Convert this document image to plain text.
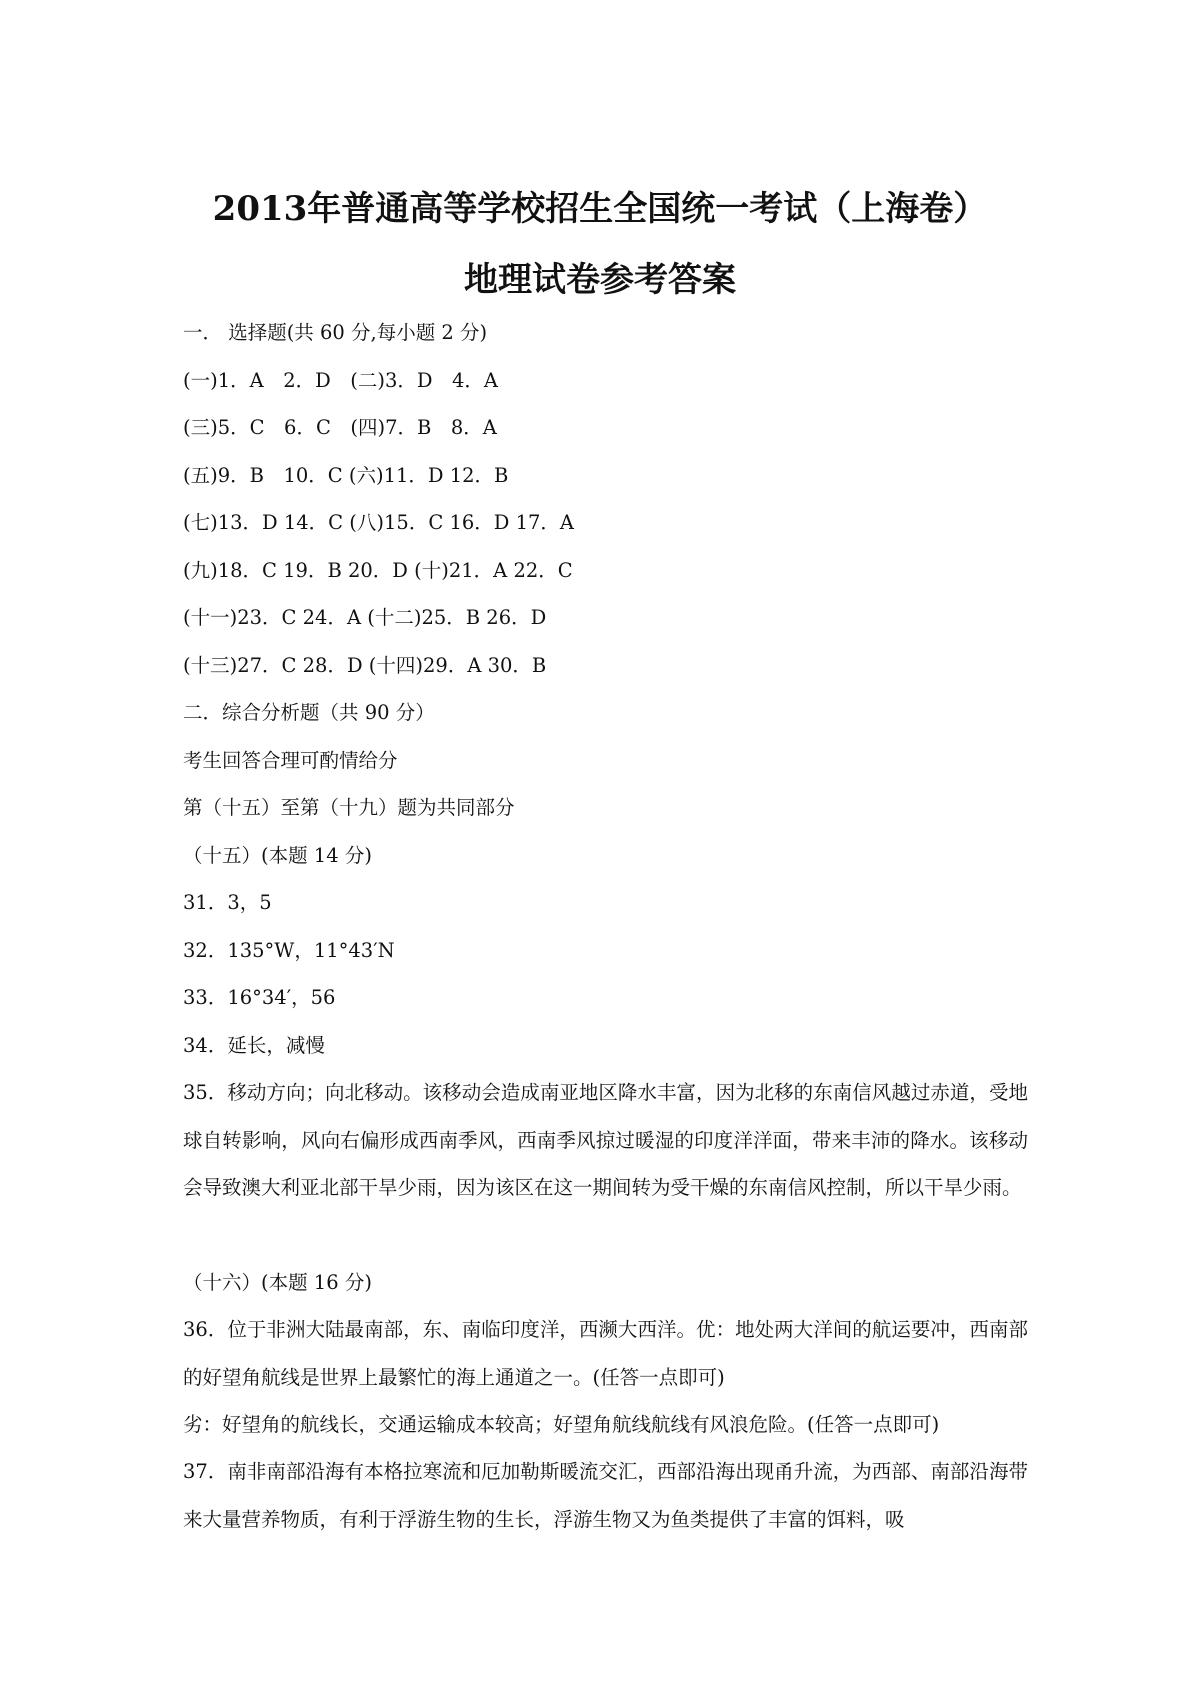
2013年普通高等学校招生全国统一考试（上海卷）
地理试卷参考答案
一． 选择题(共 60 分,每小题 2 分)
(一)1．A　2．D　(二)3．D　4．A
(三)5．C　6．C　(四)7．B　8．A
(五)9．B　10．C (六)11．D 12．B
(七)13．D 14．C (八)15．C 16．D 17．A
(九)18．C 19．B 20．D (十)21．A 22．C
(十一)23．C 24．A (十二)25．B 26．D
(十三)27．C 28．D (十四)29．A 30．B
二．综合分析题（共 90 分）
考生回答合理可酌情给分
第（十五）至第（十九）题为共同部分
（十五）(本题 14 分)
31．3，5
32．135°W，11°43′N
33．16°34′，56
34．延长，减慢
35．移动方向；向北移动。该移动会造成南亚地区降水丰富，因为北移的东南信风越过赤道，受地球自转影响，风向右偏形成西南季风，西南季风掠过暖湿的印度洋洋面，带来丰沛的降水。该移动会导致澳大利亚北部干旱少雨，因为该区在这一期间转为受干燥的东南信风控制，所以干旱少雨。
（十六）(本题 16 分)
36．位于非洲大陆最南部，东、南临印度洋，西濒大西洋。优：地处两大洋间的航运要冲，西南部的好望角航线是世界上最繁忙的海上通道之一。(任答一点即可)
劣：好望角的航线长，交通运输成本较高；好望角航线航线有风浪危险。(任答一点即可)
37．南非南部沿海有本格拉寒流和厄加勒斯暖流交汇，西部沿海出现甬升流，为西部、南部沿海带来大量营养物质，有利于浮游生物的生长，浮游生物又为鱼类提供了丰富的饵料，吸
